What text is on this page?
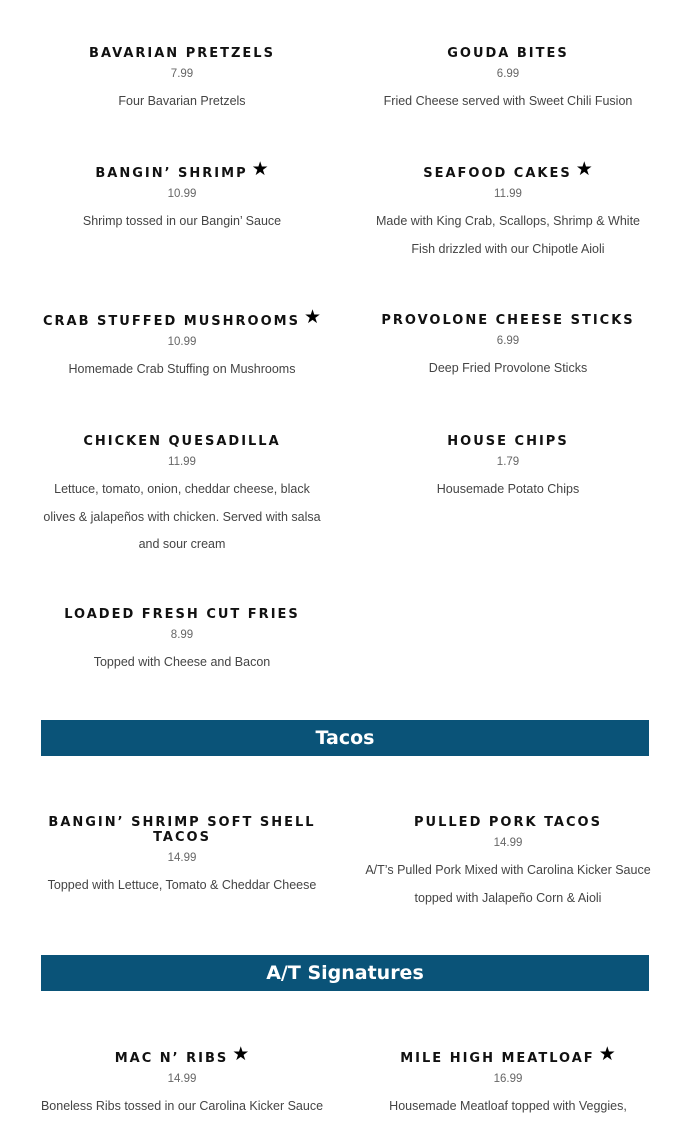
BAVARIAN PRETZELS
7.99
Four Bavarian Pretzels
GOUDA BITES
6.99
Fried Cheese served with Sweet Chili Fusion
BANGIN’ SHRIMP ★
10.99
Shrimp tossed in our Bangin’ Sauce
SEAFOOD CAKES ★
11.99
Made with King Crab, Scallops, Shrimp & White Fish drizzled with our Chipotle Aioli
CRAB STUFFED MUSHROOMS ★
10.99
Homemade Crab Stuffing on Mushrooms
PROVOLONE CHEESE STICKS
6.99
Deep Fried Provolone Sticks
CHICKEN QUESADILLA
11.99
Lettuce, tomato, onion, cheddar cheese, black olives & jalapeños with chicken. Served with salsa and sour cream
HOUSE CHIPS
1.79
Housemade Potato Chips
LOADED FRESH CUT FRIES
8.99
Topped with Cheese and Bacon
Tacos
BANGIN’ SHRIMP SOFT SHELL TACOS
14.99
Topped with Lettuce, Tomato & Cheddar Cheese
PULLED PORK TACOS
14.99
A/T’s Pulled Pork Mixed with Carolina Kicker Sauce topped with Jalapeño Corn & Aioli
A/T Signatures
MAC N’ RIBS ★
14.99
Boneless Ribs tossed in our Carolina Kicker Sauce
MILE HIGH MEATLOAF ★
16.99
Housemade Meatloaf topped with Veggies,
